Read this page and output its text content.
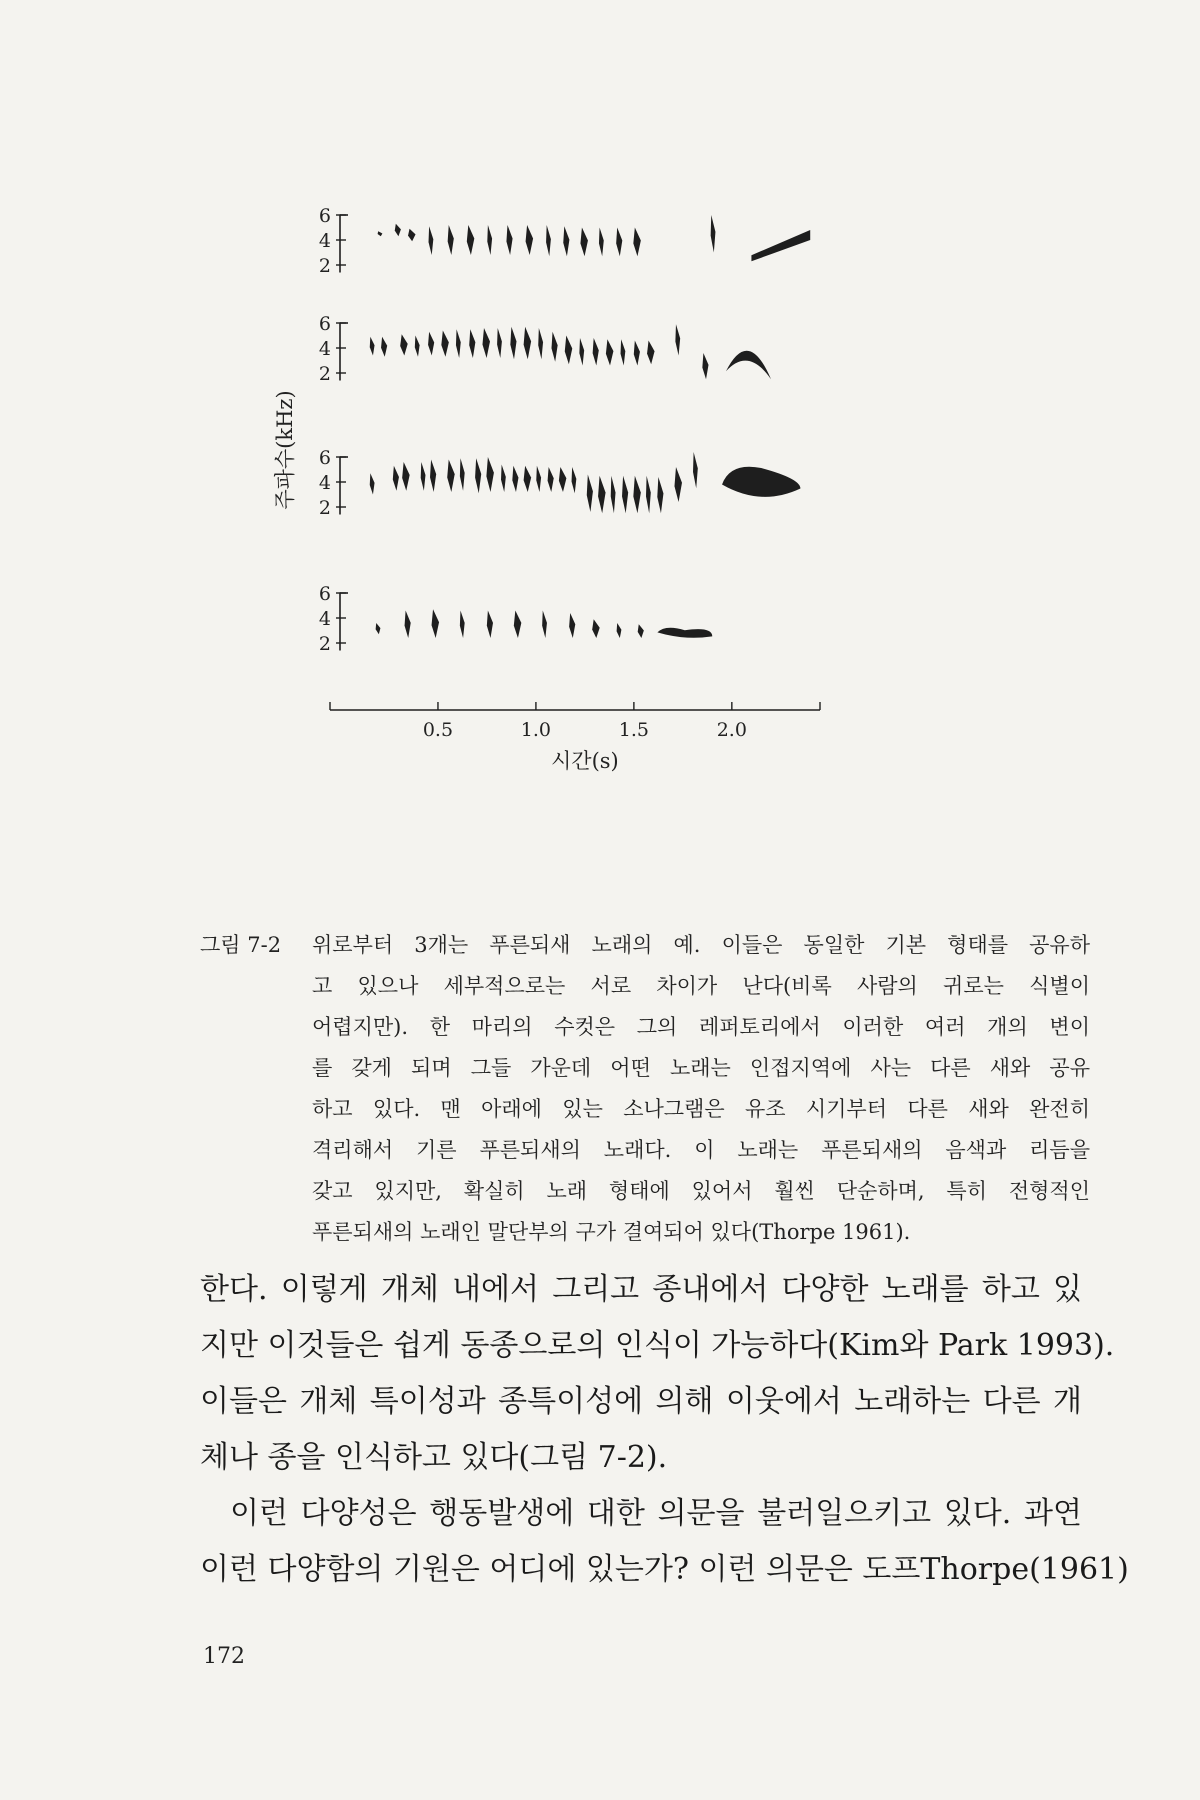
2
4
6
2
4
6
2
4
6
2
4
6
0.5	1.0	1.5	2.0
주파수(kHz)
시간(s)
그림 7-2 위로부터 3개는 푸른되새 노래의 예. 이들은 동일한 기본 형태를 공유하
고 있으나 세부적으로는 서로 차이가 난다(비록 사람의 귀로는 식별이
어렵지만). 한 마리의 수컷은 그의 레퍼토리에서 이러한 여러 개의 변이
를 갖게 되며 그들 가운데 어떤 노래는 인접지역에 사는 다른 새와 공유
하고 있다. 맨 아래에 있는 소나그램은 유조 시기부터 다른 새와 완전히
격리해서 기른 푸른되새의 노래다. 이 노래는 푸른되새의 음색과 리듬을
갖고 있지만, 확실히 노래 형태에 있어서 훨씬 단순하며, 특히 전형적인
푸른되새의 노래인 말단부의 구가 결여되어 있다(Thorpe 1961).
한다. 이렇게 개체 내에서 그리고 종내에서 다양한 노래를 하고 있
지만 이것들은 쉽게 동종으로의 인식이 가능하다(Kim와 Park 1993).
이들은 개체 특이성과 종특이성에 의해 이웃에서 노래하는 다른 개
체나 종을 인식하고 있다(그림 7-2).
이런 다양성은 행동발생에 대한 의문을 불러일으키고 있다. 과연
이런 다양함의 기원은 어디에 있는가? 이런 의문은 도프Thorpe(1961)
172
